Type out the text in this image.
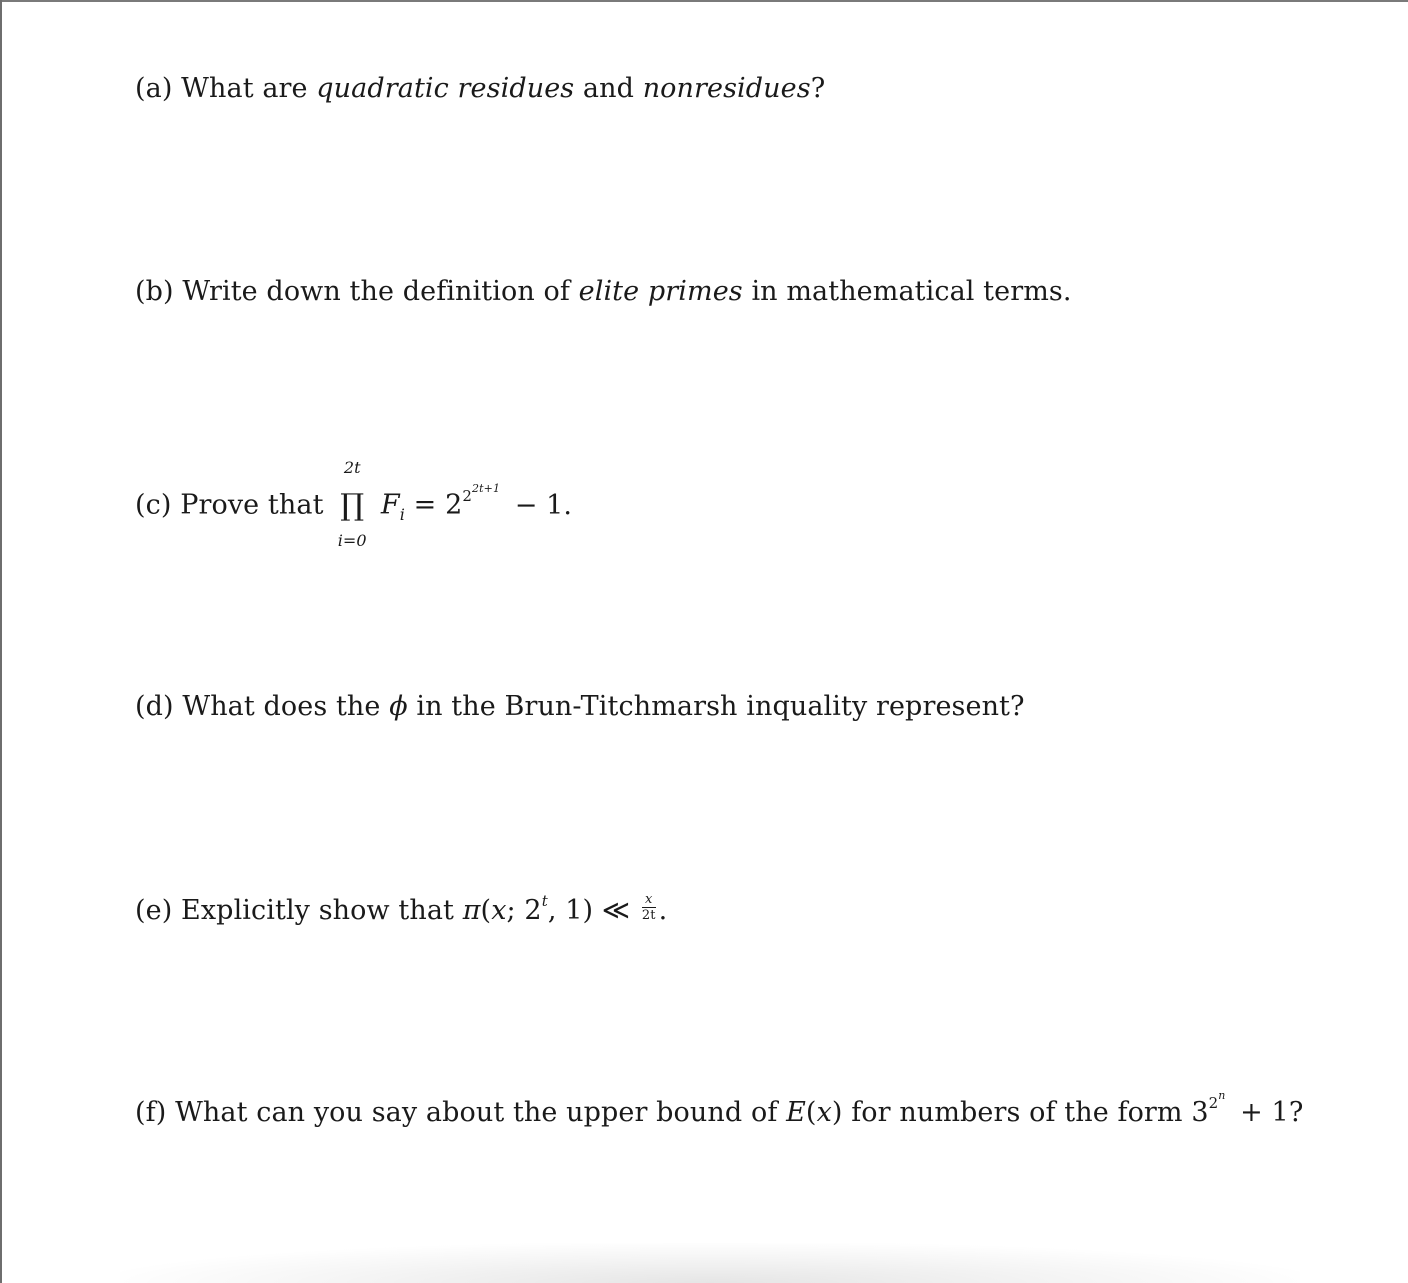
(a) What are quadratic residues and nonresidues?
(b) Write down the definition of elite primes in mathematical terms.
(c) Prove that
2t
∏
i=0
$F_i = 2^{22t+1} - 1$.
(d) What does the ϕ in the Brun-Titchmarsh inquality represent?
(e) Explicitly show that π(x; 2$^t$, 1) ≪ $\frac{x}{2t}$ .
(f) What can you say about the upper bound of E(x) for numbers of the form $3^{2n} + 1$?
